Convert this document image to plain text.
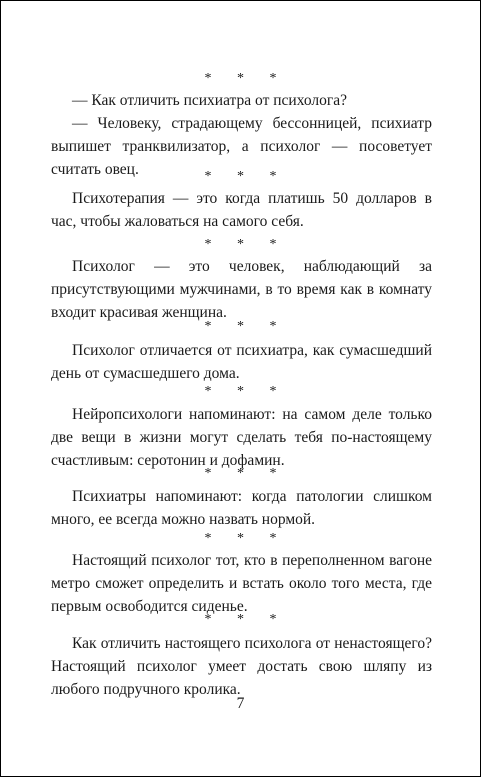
* * *

— Как отличить психиатра от психолога?

— Человеку, страдающему бессонницей, психиатр выпишет транквилизатор, а психолог — посоветует считать овец.	* * *

Психотерапия — это когда платишь 50 долларов в час, чтобы жаловаться на самого себя.

* * *

Психолог — это человек, наблюдающий за присутствующими мужчинами, в то время как в комнату входит красивая женщина.

* * *

Психолог отличается от психиатра, как сумасшедший день от сумасшедшего дома.

* * *

Нейропсихологи напоминают: на самом деле только две вещи в жизни могут сделать тебя по-настоящему счастливым: серотонин и дофамин.

* * *

Психиатры напоминают: когда патологии слишком много, ее всегда можно назвать нормой.

* * *

Настоящий психолог тот, кто в переполненном вагоне метро сможет определить и встать около того места, где первым освободится сиденье.

* * *

Как отличить настоящего психолога от ненастоящего? Настоящий психолог умеет достать свою шляпу из любого подручного кролика.

7
